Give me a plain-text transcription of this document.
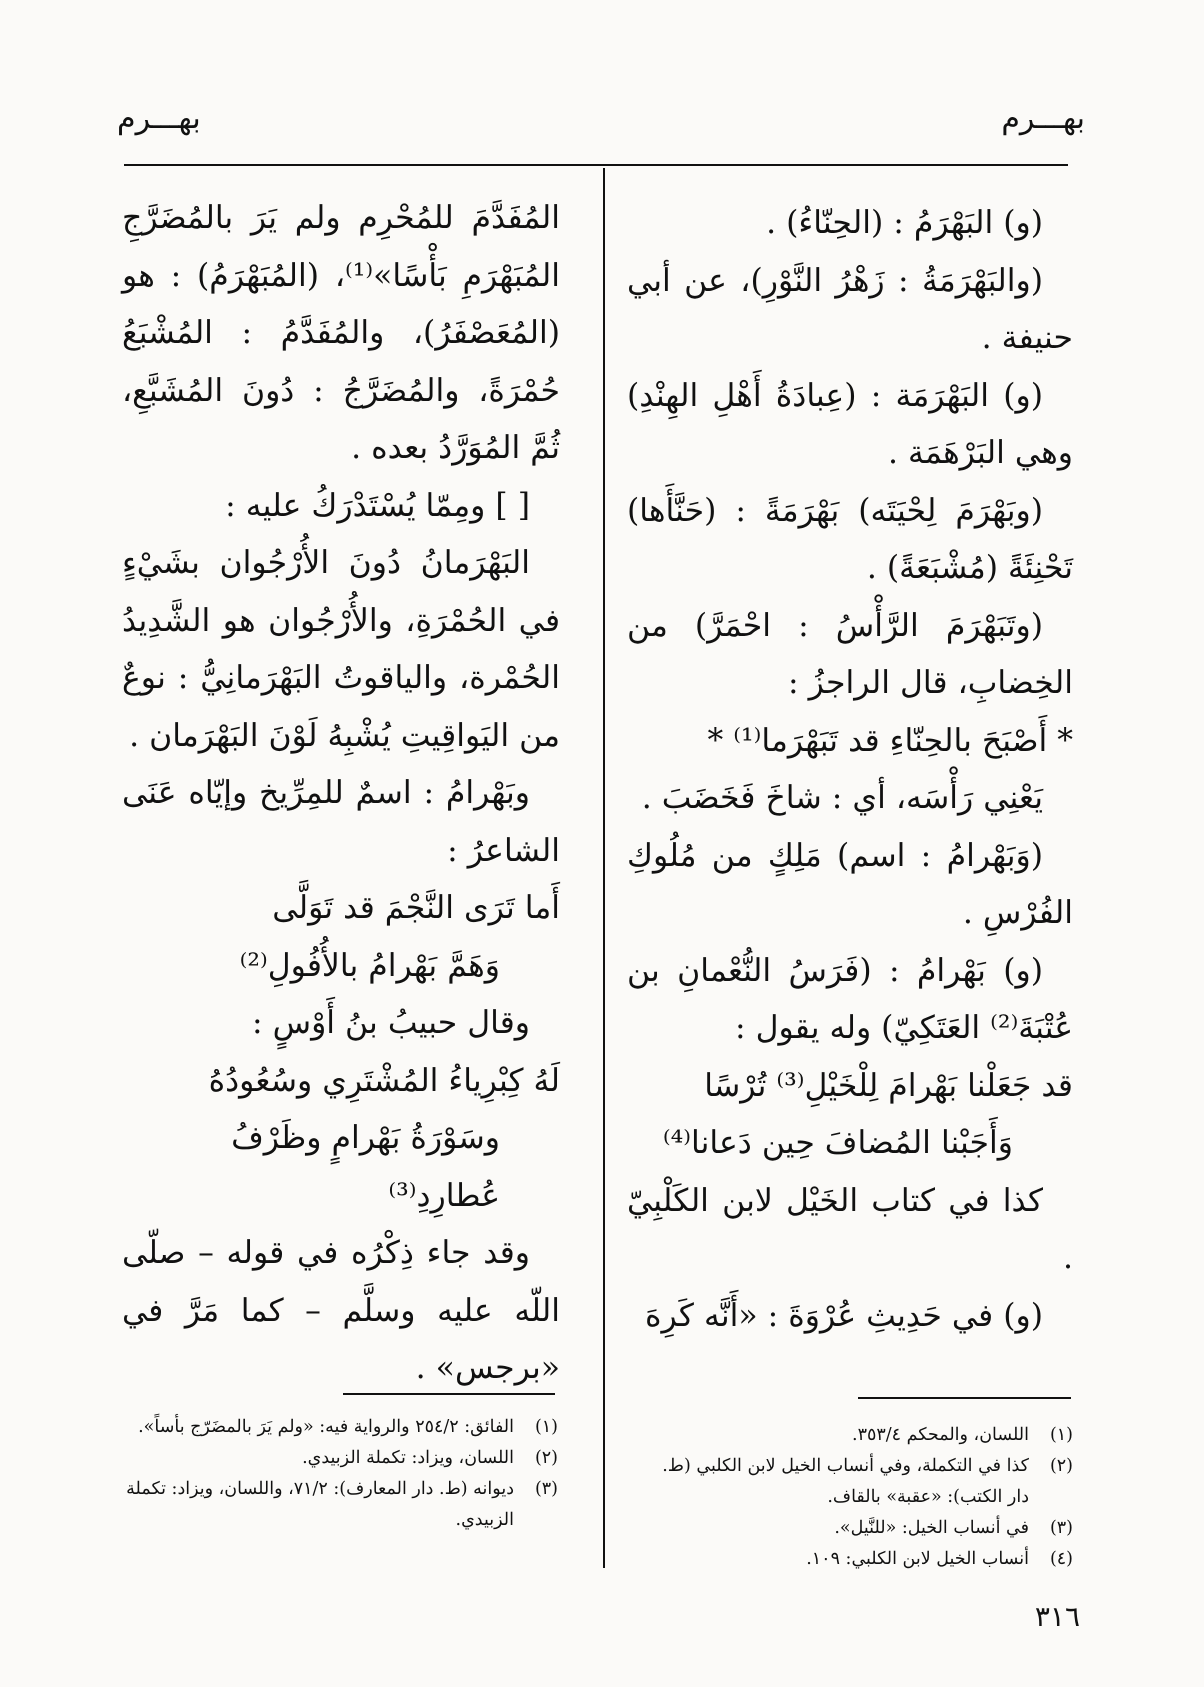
بهـــرم
بهـــرم

(و) البَهْرَمُ : (الحِنّاءُ) .

(والبَهْرَمَةُ : زَهْرُ النَّوْرِ)، عن أبي حنيفة .

(و) البَهْرَمَة : (عِبادَةُ أَهْلِ الهِنْدِ) وهي البَرْهَمَة .

(وبَهْرَمَ لِحْيَتَه) بَهْرَمَةً : (حَنَّأَها) تَحْنِئَةً (مُشْبَعَةً) .

(وتَبَهْرَمَ الرَّأْسُ : احْمَرَّ) من الخِضابِ، قال الراجزُ :

* أَصْبَحَ بالحِنّاءِ قد تَبَهْرَما⁽¹⁾ *

يَعْنِي رَأْسَه، أي : شاخَ فَخَضَبَ .

(وَبَهْرامُ : اسم) مَلِكٍ من مُلُوكِ الفُرْسِ .

(و) بَهْرامُ : (فَرَسُ النُّعْمانِ بن عُتْبَةَ⁽²⁾ العَتَكِيّ) وله يقول :

قد جَعَلْنا بَهْرامَ لِلْخَيْلِ⁽³⁾ تُرْسًا

وَأَجَبْنا المُضافَ حِين دَعانا⁽⁴⁾

كذا في كتاب الخَيْل لابن الكَلْبِيّ .

(و) في حَدِيثِ عُرْوَةَ : «أَنَّه كَرِهَ

المُفَدَّمَ للمُحْرِم ولم يَرَ بالمُضَرَّجِ المُبَهْرَمِ بَأْسًا»⁽¹⁾، (المُبَهْرَمُ) : هو (المُعَصْفَرُ)، والمُفَدَّمُ : المُشْبَعُ حُمْرَةً، والمُضَرَّجُ : دُونَ المُشَبَّعِ، ثُمَّ المُوَرَّدُ بعده .

[ ] ومِمّا يُسْتَدْرَكُ عليه :

البَهْرَمانُ دُونَ الأُرْجُوان بشَيْءٍ في الحُمْرَةِ، والأُرْجُوان هو الشَّدِيدُ الحُمْرة، والياقوتُ البَهْرَمانِيُّ : نوعٌ من اليَواقِيتِ يُشْبِهُ لَوْنَ البَهْرَمان .

وبَهْرامُ : اسمٌ للمِرِّيخ وإيّاه عَنَى الشاعرُ :

أَما تَرَى النَّجْمَ قد تَوَلَّى

وَهَمَّ بَهْرامُ بالأُفُولِ⁽²⁾

وقال حبيبُ بنُ أَوْسٍ :

لَهُ كِبْرِياءُ المُشْتَرِي وسُعُودُهُ

وسَوْرَةُ بَهْرامٍ وظَرْفُ عُطارِدِ⁽³⁾

وقد جاء ذِكْرُه في قوله – صلّى اللّه عليه وسلَّم – كما مَرَّ في «برجس» .

(١)اللسان، والمحكم ٣٥٣/٤.
(٢)كذا في التكملة، وفي أنساب الخيل لابن الكلبي (ط. دار الكتب): «عقبة» بالقاف.
(٣)في أنساب الخيل: «للنَّيل».
(٤)أنساب الخيل لابن الكلبي: ١٠٩.
(١)الفائق: ٢٥٤/٢ والرواية فيه: «ولم يَرَ بالمضَرّج بأساً».
(٢)اللسان، ويزاد: تكملة الزبيدي.
(٣)ديوانه (ط. دار المعارف): ٧١/٢، واللسان، ويزاد: تكملة الزبيدي.
٣١٦
